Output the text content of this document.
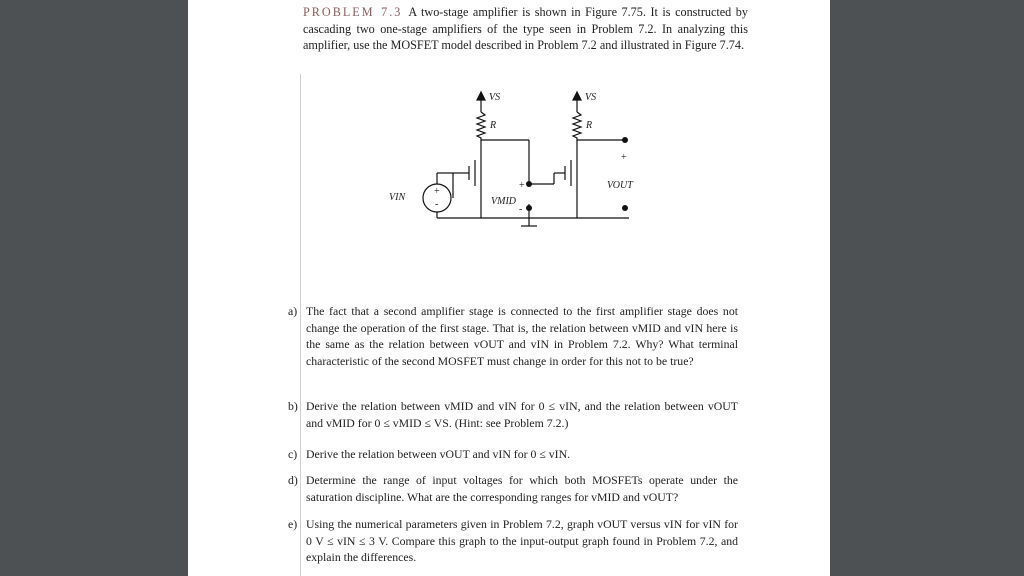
PROBLEM 7.3 A two-stage amplifier is shown in Figure 7.75. It is constructed by cascading two one-stage amplifiers of the type seen in Problem 7.2. In analyzing this amplifier, use the MOSFET model described in Problem 7.2 and illustrated in Figure 7.74.
VS	VS
R	R
VIN
+
-	VMID
+
-
VOUT
+
-
a) The fact that a second amplifier stage is connected to the first amplifier stage does not change the operation of the first stage. That is, the relation between vMID and vIN here is the same as the relation between vOUT and vIN in Problem 7.2. Why? What terminal characteristic of the second MOSFET must change in order for this not to be true?
b) Derive the relation between vMID and vIN for 0 ≤ vIN, and the relation between vOUT and vMID for 0 ≤ vMID ≤ VS. (Hint: see Problem 7.2.)
c) Derive the relation between vOUT and vIN for 0 ≤ vIN.
d) Determine the range of input voltages for which both MOSFETs operate under the saturation discipline. What are the corresponding ranges for vMID and vOUT?
e) Using the numerical parameters given in Problem 7.2, graph vOUT versus vIN for vIN for 0 V ≤ vIN ≤ 3 V. Compare this graph to the input-output graph found in Problem 7.2, and explain the differences.
